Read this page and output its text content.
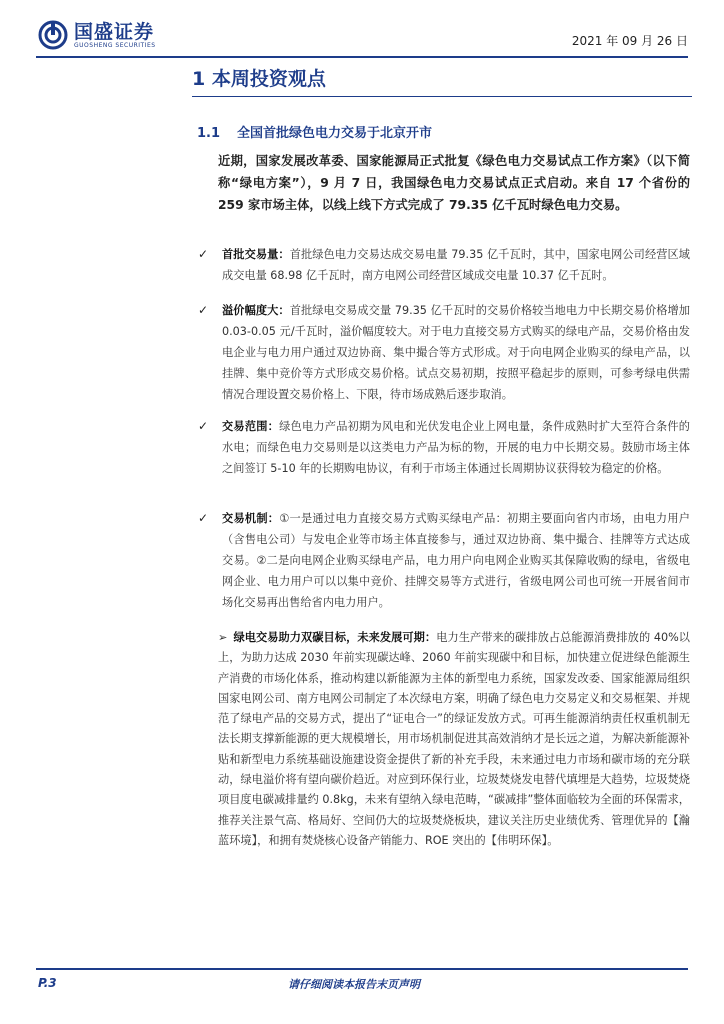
国盛证券
GUOSHENG SECURITIES	2021 年 09 月 26 日
1 本周投资观点
1.1 全国首批绿色电力交易于北京开市
近期，国家发展改革委、国家能源局正式批复《绿色电力交易试点工作方案》（以下简称“绿电方案”），9 月 7 日，我国绿色电力交易试点正式启动。来自 17 个省份的 259 家市场主体，以线上线下方式完成了 79.35 亿千瓦时绿色电力交易。
✓	首批交易量：首批绿色电力交易达成交易电量 79.35 亿千瓦时，其中，国家电网公司经营区域成交电量 68.98 亿千瓦时，南方电网公司经营区域成交电量 10.37 亿千瓦时。
✓	溢价幅度大：首批绿电交易成交量 79.35 亿千瓦时的交易价格较当地电力中长期交易价格增加 0.03-0.05 元/千瓦时，溢价幅度较大。对于电力直接交易方式购买的绿电产品，交易价格由发电企业与电力用户通过双边协商、集中撮合等方式形成。对于向电网企业购买的绿电产品，以挂牌、集中竞价等方式形成交易价格。试点交易初期，按照平稳起步的原则，可参考绿电供需情况合理设置交易价格上、下限，待市场成熟后逐步取消。
✓	交易范围：绿色电力产品初期为风电和光伏发电企业上网电量，条件成熟时扩大至符合条件的水电；而绿色电力交易则是以这类电力产品为标的物，开展的电力中长期交易。鼓励市场主体之间签订 5-10 年的长期购电协议，有利于市场主体通过长周期协议获得较为稳定的价格。
✓	交易机制：①一是通过电力直接交易方式购买绿电产品：初期主要面向省内市场，由电力用户（含售电公司）与发电企业等市场主体直接参与，通过双边协商、集中撮合、挂牌等方式达成交易。②二是向电网企业购买绿电产品，电力用户向电网企业购买其保障收购的绿电，省级电网企业、电力用户可以以集中竞价、挂牌交易等方式进行，省级电网公司也可统一开展省间市场化交易再出售给省内电力用户。
➢ 绿电交易助力双碳目标，未来发展可期：电力生产带来的碳排放占总能源消费排放的 40%以上，为助力达成 2030 年前实现碳达峰、2060 年前实现碳中和目标，加快建立促进绿色能源生产消费的市场化体系，推动构建以新能源为主体的新型电力系统，国家发改委、国家能源局组织国家电网公司、南方电网公司制定了本次绿电方案，明确了绿色电力交易定义和交易框架、并规范了绿电产品的交易方式，提出了“证电合一”的绿证发放方式。可再生能源消纳责任权重机制无法长期支撑新能源的更大规模增长，用市场机制促进其高效消纳才是长远之道，为解决新能源补贴和新型电力系统基础设施建设资金提供了新的补充手段，未来通过电力市场和碳市场的充分联动，绿电溢价将有望向碳价趋近。对应到环保行业，垃圾焚烧发电替代填埋是大趋势，垃圾焚烧项目度电碳减排量约 0.8kg，未来有望纳入绿电范畴，“碳减排”整体面临较为全面的环保需求，推荐关注景气高、格局好、空间仍大的垃圾焚烧板块，建议关注历史业绩优秀、管理优异的【瀚蓝环境】，和拥有焚烧核心设备产销能力、ROE 突出的【伟明环保】。
P.3	请仔细阅读本报告末页声明
